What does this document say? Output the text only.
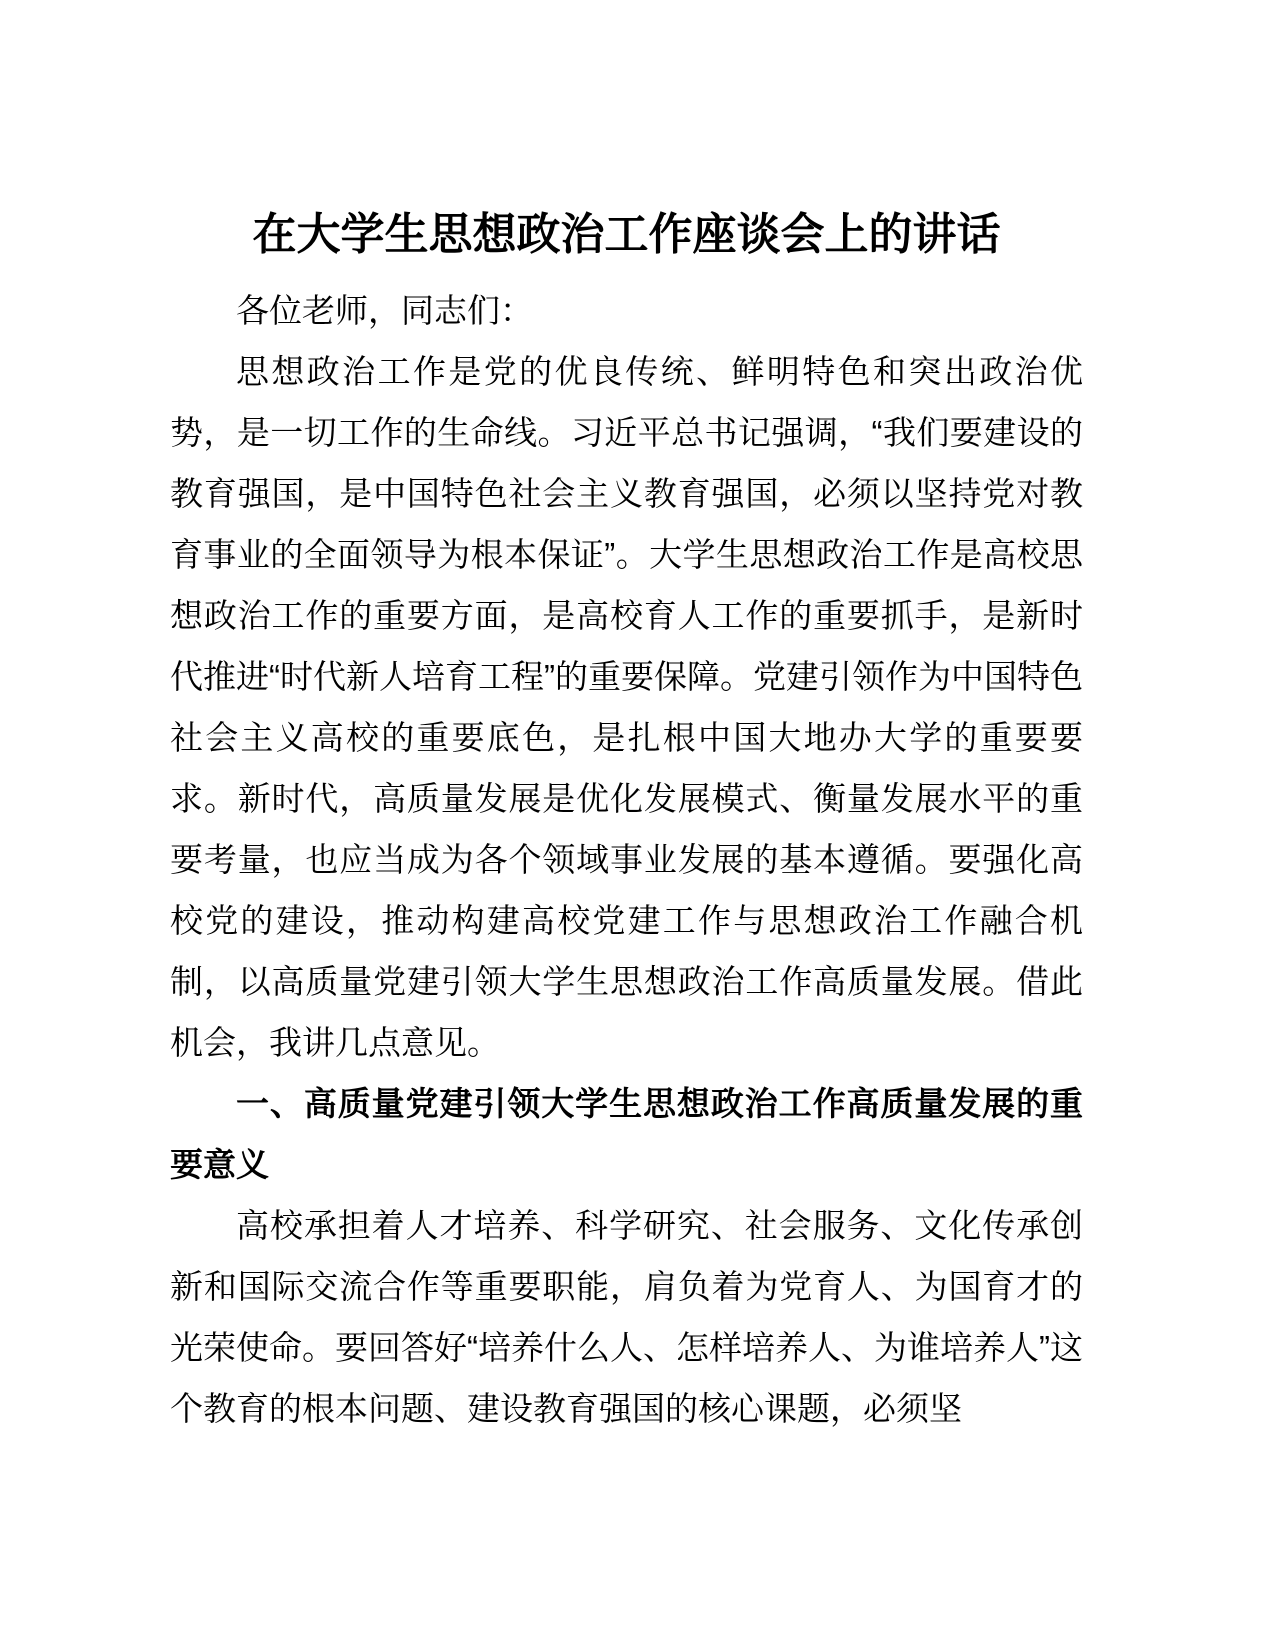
在大学生思想政治工作座谈会上的讲话

各位老师，同志们：

思想政治工作是党的优良传统、鲜明特色和突出政治优势，是一切工作的生命线。习近平总书记强调，“我们要建设的教育强国，是中国特色社会主义教育强国，必须以坚持党对教育事业的全面领导为根本保证”。大学生思想政治工作是高校思想政治工作的重要方面，是高校育人工作的重要抓手，是新时代推进“时代新人培育工程”的重要保障。党建引领作为中国特色社会主义高校的重要底色，是扎根中国大地办大学的重要要求。新时代，高质量发展是优化发展模式、衡量发展水平的重要考量，也应当成为各个领域事业发展的基本遵循。要强化高校党的建设，推动构建高校党建工作与思想政治工作融合机制，以高质量党建引领大学生思想政治工作高质量发展。借此机会，我讲几点意见。

一、高质量党建引领大学生思想政治工作高质量发展的重要意义

高校承担着人才培养、科学研究、社会服务、文化传承创新和国际交流合作等重要职能，肩负着为党育人、为国育才的光荣使命。要回答好“培养什么人、怎样培养人、为谁培养人”这个教育的根本问题、建设教育强国的核心课题，必须坚
